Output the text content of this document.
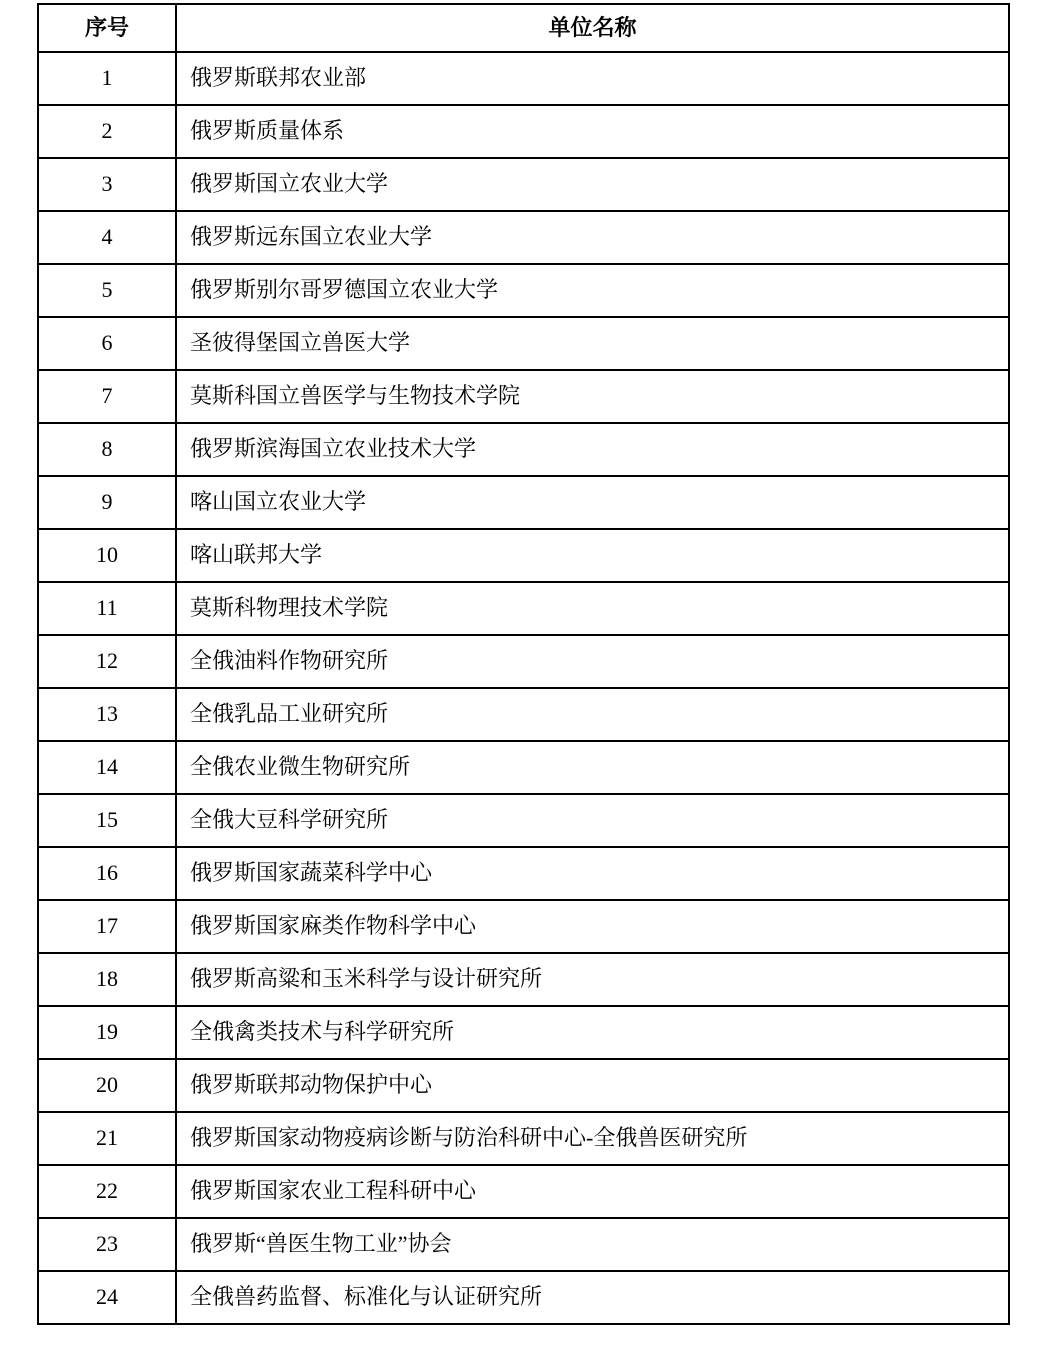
序号	单位名称
1	俄罗斯联邦农业部
2	俄罗斯质量体系
3	俄罗斯国立农业大学
4	俄罗斯远东国立农业大学
5	俄罗斯别尔哥罗德国立农业大学
6	圣彼得堡国立兽医大学
7	莫斯科国立兽医学与生物技术学院
8	俄罗斯滨海国立农业技术大学
9	喀山国立农业大学
10	喀山联邦大学
11	莫斯科物理技术学院
12	全俄油料作物研究所
13	全俄乳品工业研究所
14	全俄农业微生物研究所
15	全俄大豆科学研究所
16	俄罗斯国家蔬菜科学中心
17	俄罗斯国家麻类作物科学中心
18	俄罗斯高粱和玉米科学与设计研究所
19	全俄禽类技术与科学研究所
20	俄罗斯联邦动物保护中心
21	俄罗斯国家动物疫病诊断与防治科研中心-全俄兽医研究所
22	俄罗斯国家农业工程科研中心
23	俄罗斯“兽医生物工业”协会
24	全俄兽药监督、标准化与认证研究所
